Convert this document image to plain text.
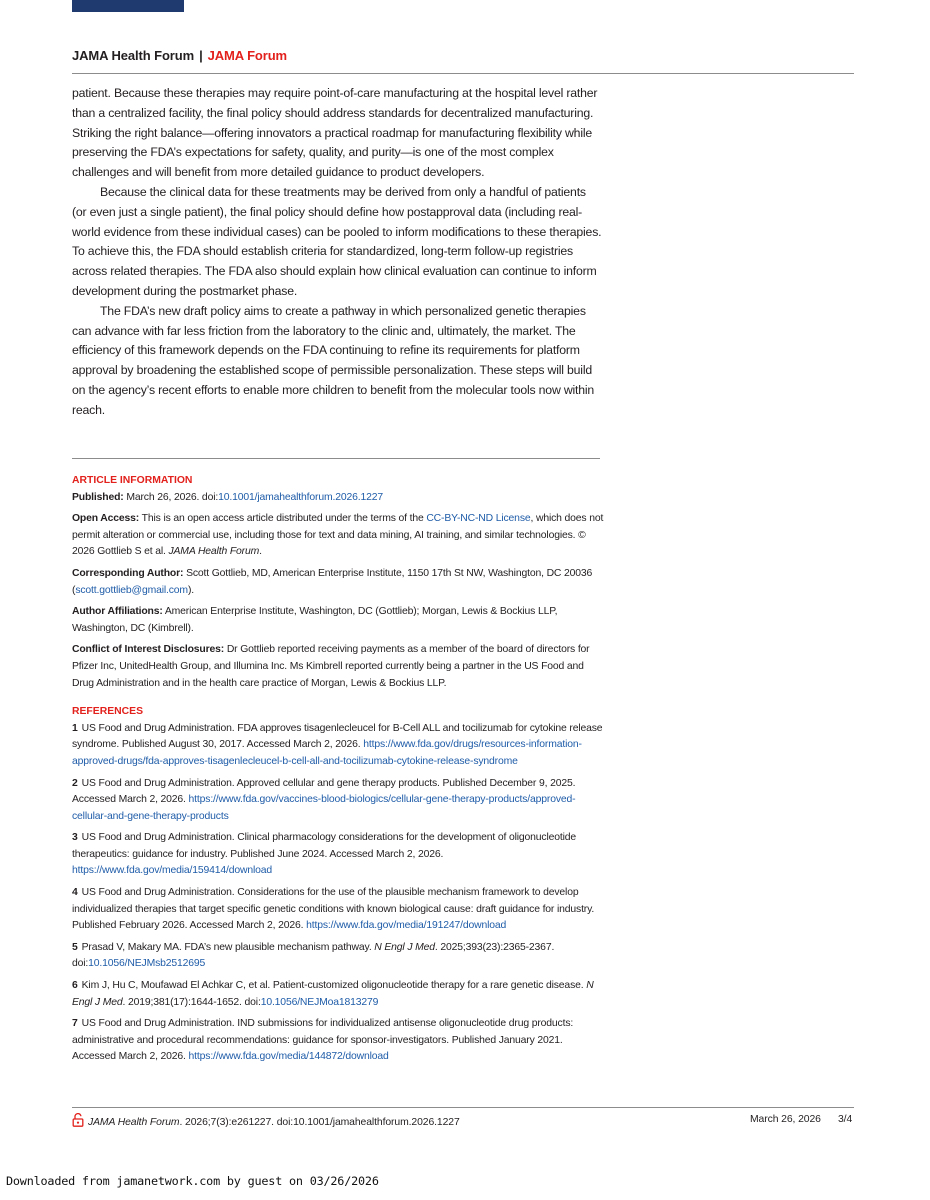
JAMA Health Forum | JAMA Forum

patient. Because these therapies may require point-of-care manufacturing at the hospital level rather than a centralized facility, the final policy should address standards for decentralized manufacturing. Striking the right balance—offering innovators a practical roadmap for manufacturing flexibility while preserving the FDA’s expectations for safety, quality, and purity—is one of the most complex challenges and will benefit from more detailed guidance to product developers.

Because the clinical data for these treatments may be derived from only a handful of patients (or even just a single patient), the final policy should define how postapproval data (including real-world evidence from these individual cases) can be pooled to inform modifications to these therapies. To achieve this, the FDA should establish criteria for standardized, long-term follow-up registries across related therapies. The FDA also should explain how clinical evaluation can continue to inform development during the postmarket phase.

The FDA’s new draft policy aims to create a pathway in which personalized genetic therapies can advance with far less friction from the laboratory to the clinic and, ultimately, the market. The efficiency of this framework depends on the FDA continuing to refine its requirements for platform approval by broadening the established scope of permissible personalization. These steps will build on the agency’s recent efforts to enable more children to benefit from the molecular tools now within reach.

ARTICLE INFORMATION
Published: March 26, 2026. doi:10.1001/jamahealthforum.2026.1227
Open Access: This is an open access article distributed under the terms of the CC-BY-NC-ND License, which does not permit alteration or commercial use, including those for text and data mining, AI training, and similar technologies. © 2026 Gottlieb S et al. JAMA Health Forum.
Corresponding Author: Scott Gottlieb, MD, American Enterprise Institute, 1150 17th St NW, Washington, DC 20036 (scott.gottlieb@gmail.com).
Author Affiliations: American Enterprise Institute, Washington, DC (Gottlieb); Morgan, Lewis & Bockius LLP, Washington, DC (Kimbrell).
Conflict of Interest Disclosures: Dr Gottlieb reported receiving payments as a member of the board of directors for Pfizer Inc, UnitedHealth Group, and Illumina Inc. Ms Kimbrell reported currently being a partner in the US Food and Drug Administration and in the health care practice of Morgan, Lewis & Bockius LLP.
REFERENCES
1 US Food and Drug Administration. FDA approves tisagenlecleucel for B-Cell ALL and tocilizumab for cytokine release syndrome. Published August 30, 2017. Accessed March 2, 2026. https://www.fda.gov/drugs/resources-information-approved-drugs/fda-approves-tisagenlecleucel-b-cell-all-and-tocilizumab-cytokine-release-syndrome
2 US Food and Drug Administration. Approved cellular and gene therapy products. Published December 9, 2025. Accessed March 2, 2026. https://www.fda.gov/vaccines-blood-biologics/cellular-gene-therapy-products/approved-cellular-and-gene-therapy-products
3 US Food and Drug Administration. Clinical pharmacology considerations for the development of oligonucleotide therapeutics: guidance for industry. Published June 2024. Accessed March 2, 2026. https://www.fda.gov/media/159414/download
4 US Food and Drug Administration. Considerations for the use of the plausible mechanism framework to develop individualized therapies that target specific genetic conditions with known biological cause: draft guidance for industry. Published February 2026. Accessed March 2, 2026. https://www.fda.gov/media/191247/download
5 Prasad V, Makary MA. FDA’s new plausible mechanism pathway. N Engl J Med. 2025;393(23):2365-2367. doi:10.1056/NEJMsb2512695
6 Kim J, Hu C, Moufawad El Achkar C, et al. Patient-customized oligonucleotide therapy for a rare genetic disease. N Engl J Med. 2019;381(17):1644-1652. doi:10.1056/NEJMoa1813279
7 US Food and Drug Administration. IND submissions for individualized antisense oligonucleotide drug products: administrative and procedural recommendations: guidance for sponsor-investigators. Published January 2021. Accessed March 2, 2026. https://www.fda.gov/media/144872/download
JAMA Health Forum. 2026;7(3):e261227. doi:10.1001/jamahealthforum.2026.1227	March 26, 2026 3/4
Downloaded from jamanetwork.com by guest on 03/26/2026
